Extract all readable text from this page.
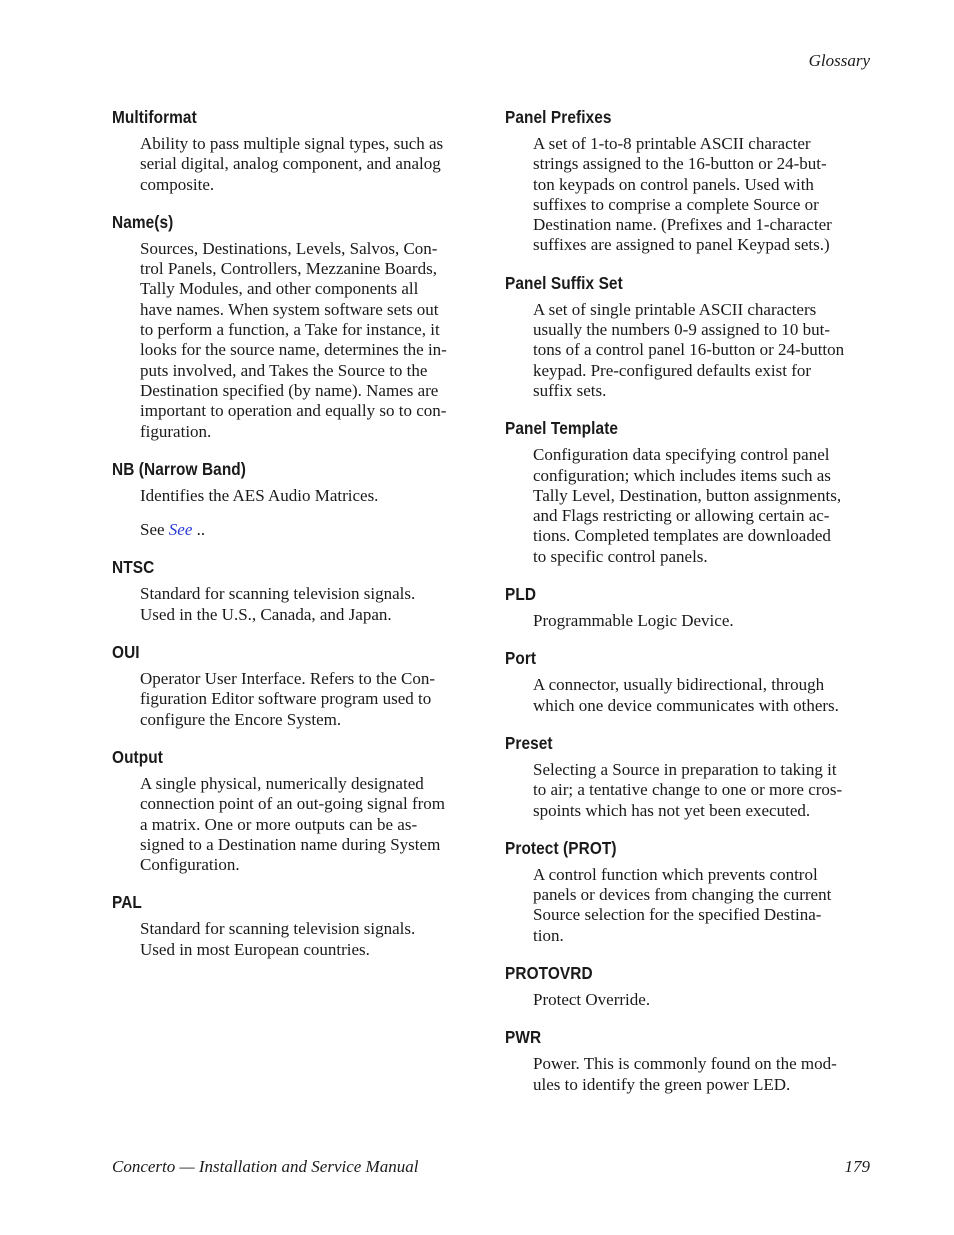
Glossary
Multiformat
Ability to pass multiple signal types, such as
serial digital, analog component, and analog
composite.
Name(s)
Sources, Destinations, Levels, Salvos, Con-
trol Panels, Controllers, Mezzanine Boards,
Tally Modules, and other components all
have names. When system software sets out
to perform a function, a Take for instance, it
looks for the source name, determines the in-
puts involved, and Takes the Source to the
Destination specified (by name). Names are
important to operation and equally so to con-
figuration.
NB (Narrow Band)
Identifies the AES Audio Matrices.
See See ..
NTSC
Standard for scanning television signals.
Used in the U.S., Canada, and Japan.
OUI
Operator User Interface. Refers to the Con-
figuration Editor software program used to
configure the Encore System.
Output
A single physical, numerically designated
connection point of an out-going signal from
a matrix. One or more outputs can be as-
signed to a Destination name during System
Configuration.
PAL
Standard for scanning television signals.
Used in most European countries.
Panel Prefixes
A set of 1-to-8 printable ASCII character
strings assigned to the 16-button or 24-but-
ton keypads on control panels. Used with
suffixes to comprise a complete Source or
Destination name. (Prefixes and 1-character
suffixes are assigned to panel Keypad sets.)
Panel Suffix Set
A set of single printable ASCII characters
usually the numbers 0-9 assigned to 10 but-
tons of a control panel 16-button or 24-button
keypad. Pre-configured defaults exist for
suffix sets.
Panel Template
Configuration data specifying control panel
configuration; which includes items such as
Tally Level, Destination, button assignments,
and Flags restricting or allowing certain ac-
tions. Completed templates are downloaded
to specific control panels.
PLD
Programmable Logic Device.
Port
A connector, usually bidirectional, through
which one device communicates with others.
Preset
Selecting a Source in preparation to taking it
to air; a tentative change to one or more cros-
spoints which has not yet been executed.
Protect (PROT)
A control function which prevents control
panels or devices from changing the current
Source selection for the specified Destina-
tion.
PROTOVRD
Protect Override.
PWR
Power. This is commonly found on the mod-
ules to identify the green power LED.
Concerto — Installation and Service Manual	179
